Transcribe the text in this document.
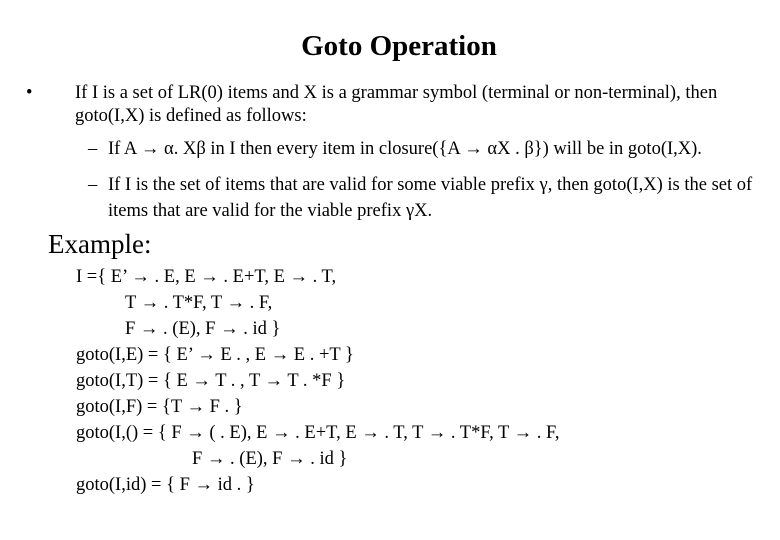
Goto Operation
• If I is a set of LR(0) items and X is a grammar symbol (terminal or non-terminal), then goto(I,X) is defined as follows:
– If A → α. Xβ in I then every item in closure({A → αX . β}) will be in goto(I,X).
– If I is the set of items that are valid for some viable prefix γ, then goto(I,X) is the set of items that are valid for the viable prefix γX.
Example:
I ={ E’ → . E, E → . E+T, E → . T,
T → . T*F, T → . F,
F → . (E), F → . id }
goto(I,E) = { E’ → E . , E → E . +T }
goto(I,T) = { E → T . , T → T . *F }
goto(I,F) = {T → F . }
goto(I,() = { F → ( . E), E → . E+T, E → . T, T → . T*F, T → . F,
F → . (E), F → . id }
goto(I,id) = { F → id . }
